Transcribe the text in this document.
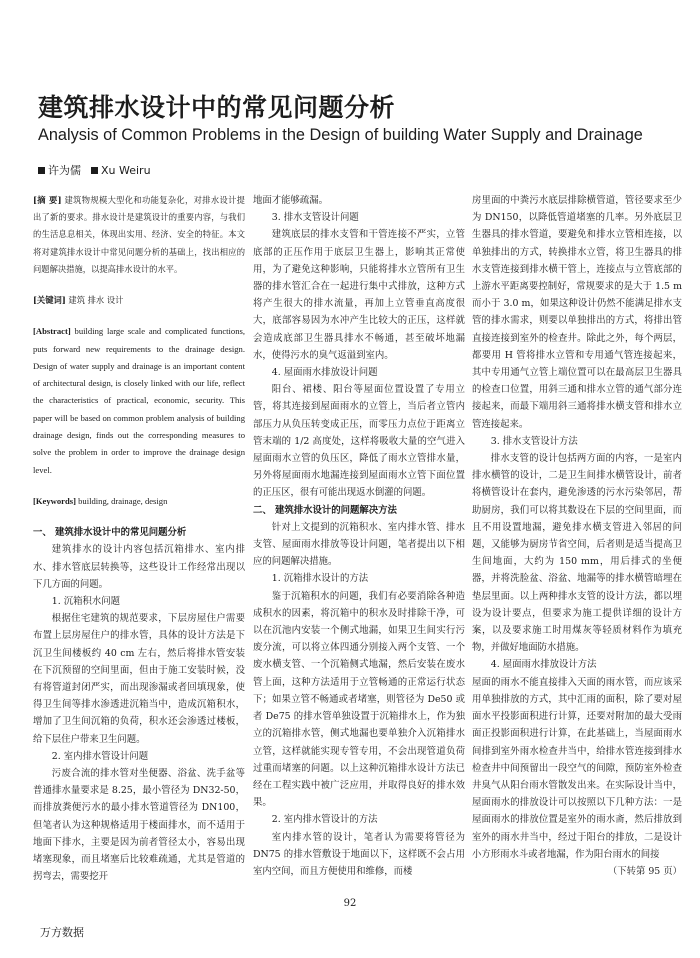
建筑排水设计中的常见问题分析
Analysis of Common Problems in the Design of building Water Supply and Drainage
许为儒 Xu Weiru
[摘 要] 建筑物规模大型化和功能复杂化，对排水设计提出了新的要求。排水设计是建筑设计的重要内容，与我们的生活息息相关，体现出实用、经济、安全的特征。本文将对建筑排水设计中常见问题分析的基础上，找出相应的问题解决措施，以提高排水设计的水平。
[关键词] 建筑 排水 设计
[Abstract] building large scale and complicated functions, puts forward new requirements to the drainage design. Design of water supply and drainage is an important content of architectural design, is closely linked with our life, reflect the characteristics of practical, economic, security. This paper will be based on common problem analysis of building drainage design, finds out the corresponding measures to solve the problem in order to improve the drainage design level.
[Keywords] building, drainage, design

一、 建筑排水设计中的常见问题分析

建筑排水的设计内容包括沉箱排水、室内排水、排水管底层转换等，这些设计工作经常出现以下几方面的问题。

1. 沉箱积水问题

根据住宅建筑的规范要求，下层房屋住户需要布置上层房屋住户的排水管，具体的设计方法是下沉卫生间楼板约 40 cm 左右，然后将排水管安装在下沉预留的空间里面，但由于施工安装时候，没有将管道封闭严实，而出现渗漏或者回填现象，使得卫生间等排水渗透进沉箱当中，造成沉箱积水，增加了卫生间沉箱的负荷，积水还会渗透过楼板，给下层住户带来卫生问题。

2. 室内排水管设计问题

污废合流的排水管对坐便器、浴盆、洗手盆等普通排水量要求是 8.25，最小管径为 DN32-50，而排放粪便污水的最小排水管道管径为 DN100，但笔者认为这种规格适用于楼面排水，而不适用于地面下排水，主要是因为前者管径太小，容易出现堵塞现象，而且堵塞后比较难疏通，尤其是管道的拐弯去，需要挖开

地面才能够疏漏。

3. 排水支管设计问题

建筑底层的排水支管和干管连接不严实，立管底部的正压作用于底层卫生器上，影响其正常使用，为了避免这种影响，只能将排水立管所有卫生器的排水管汇合在一起进行集中式排放，这种方式将产生很大的排水流量，再加上立管垂直高度很大，底部容易因为水冲产生比较大的正压，这样就会造成底部卫生器具排水不畅通，甚至破坏地漏水，使得污水的臭气返溢到室内。

4. 屋面雨水排放设计问题

阳台、裙楼、阳台等屋面位置设置了专用立管，将其连接到屋面雨水的立管上，当后者立管内部压力从负压转变成正压，而零压力点位于距离立管末端的 1/2 高度处，这样将吸收大量的空气进入屋面雨水立管的负压区，降低了雨水立管排水量，另外将屋面雨水地漏连接到屋面雨水立管下面位置的正压区，很有可能出现返水倒灌的问题。

二、 建筑排水设计的问题解决方法

针对上文提到的沉箱积水、室内排水管、排水支管、屋面雨水排放等设计问题，笔者提出以下相应的问题解决措施。

1. 沉箱排水设计的方法

鉴于沉箱积水的问题，我们有必要消除各种造成积水的因素，将沉箱中的积水及时排除干净，可以在沉池内安装一个侧式地漏，如果卫生间实行污废分流，可以将立体四通分别接入两个支管、一个废水横支管、一个沉箱侧式地漏，然后安装在废水管上面，这种方法适用于立管畅通的正常运行状态下；如果立管不畅通或者堵塞，则管径为 De50 或者 De75 的排水管单独设置于沉箱排水上，作为独立的沉箱排水管，侧式地漏也要单独介入沉箱排水立管，这样就能实现专管专用，不会出现管道负荷过重而堵塞的问题。以上这种沉箱排水设计方法已经在工程实践中被广泛应用，并取得良好的排水效果。

2. 室内排水管设计的方法

室内排水管的设计，笔者认为需要将管径为 DN75 的排水管敷设于地面以下，这样既不会占用室内空间，而且方便使用和维修，而楼

房里面的中粪污水底层排除横管道，管径要求至少为 DN150，以降低管道堵塞的几率。另外底层卫生器具的排水管道，要避免和排水立管相连接，以单独排出的方式，转换排水立管，将卫生器具的排水支管连接到排水横干管上，连接点与立管底部的上游水平距离要控制好，常规要求的是大于 1.5 m 而小于 3.0 m，如果这种设计仍然不能满足排水支管的排水需求，则要以单独排出的方式，将排出管直接连接到室外的检查井。除此之外，每个两层，都要用 H 管将排水立管和专用通气管连接起来，其中专用通气立管上端位置可以在最高层卫生器具的检查口位置，用斜三通和排水立管的通气部分连接起来，而最下端用斜三通将排水横支管和排水立管连接起来。

3. 排水支管设计方法

排水支管的设计包括两方面的内容，一是室内排水横管的设计，二是卫生间排水横管设计，前者将横管设计在套内，避免渗透的污水污染邻居，帮助厨房，我们可以将其数设在下层的空间里面，而且不用设置地漏，避免排水横支管进入邻居的问题，又能够为厨房节省空间，后者则是适当提高卫生间地面，大约为 150 mm，用后排式的坐便器，并将洗脸盆、浴盆、地漏等的排水横管暗埋在垫层里面。以上两种排水支管的设计方法，都以埋设为设计要点，但要求为施工提供详细的设计方案，以及要求施工时用煤灰等轻质材料作为填充物，并做好地面防水措施。

4. 屋面雨水排放设计方法

屋面的雨水不能直接排入天面的雨水管，而应该采用单独排放的方式，其中汇雨的面积，除了要对屋面水平投影面积进行计算，还要对附加的最大受雨面正投影面积进行计算，在此基础上，当屋面雨水间排到室外雨水检查井当中，给排水管连接到排水检查井中间预留出一段空气的间隙，预防室外检查井臭气从阳台雨水管散发出来。在实际设计当中，屋面雨水的排放设计可以按照以下几种方法：一是屋面雨水的排放位置是室外的雨水斋，然后排放到室外的雨水井当中，经过于阳台的排放，二是设计小方形雨水斗或者地漏，作为阳台雨水的间接

（下转第 95 页）

92
万方数据
